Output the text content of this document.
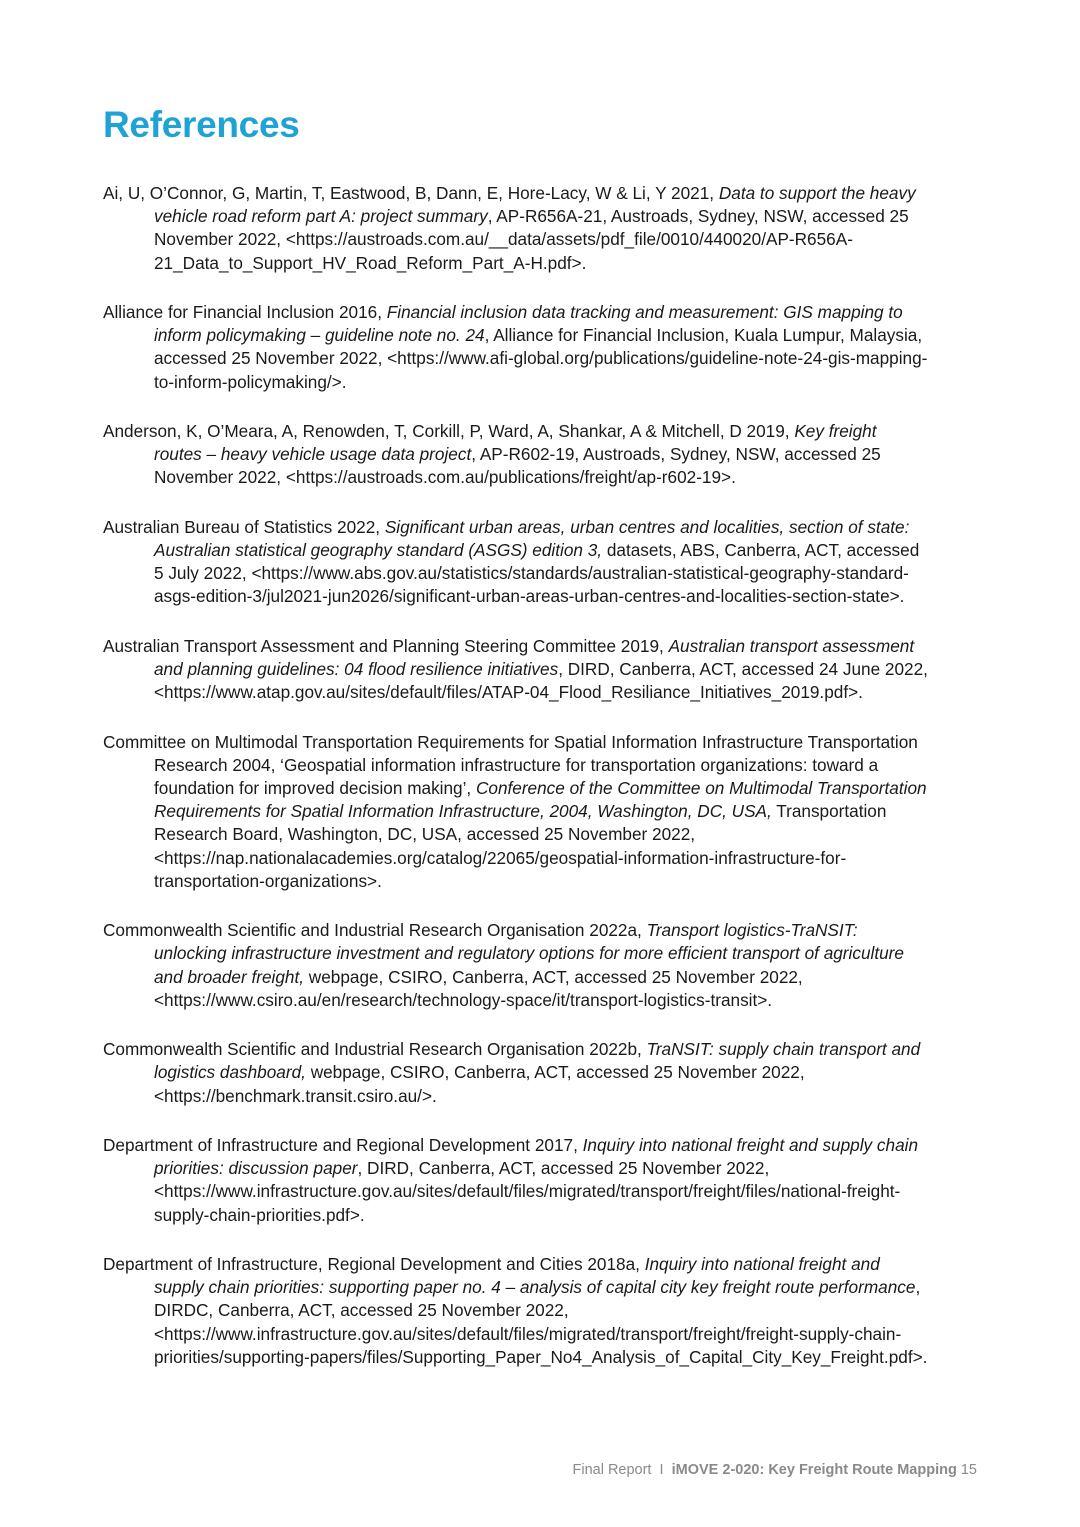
References
Ai, U, O’Connor, G, Martin, T, Eastwood, B, Dann, E, Hore-Lacy, W & Li, Y 2021, Data to support the heavy
vehicle road reform part A: project summary, AP-R656A-21, Austroads, Sydney, NSW, accessed 25
November 2022, <https://austroads.com.au/__data/assets/pdf_file/0010/440020/AP-R656A-
21_Data_to_Support_HV_Road_Reform_Part_A-H.pdf>.
Alliance for Financial Inclusion 2016, Financial inclusion data tracking and measurement: GIS mapping to
inform policymaking – guideline note no. 24, Alliance for Financial Inclusion, Kuala Lumpur, Malaysia,
accessed 25 November 2022, <https://www.afi-global.org/publications/guideline-note-24-gis-mapping-
to-inform-policymaking/>.
Anderson, K, O’Meara, A, Renowden, T, Corkill, P, Ward, A, Shankar, A & Mitchell, D 2019, Key freight
routes – heavy vehicle usage data project, AP-R602-19, Austroads, Sydney, NSW, accessed 25
November 2022, <https://austroads.com.au/publications/freight/ap-r602-19>.
Australian Bureau of Statistics 2022, Significant urban areas, urban centres and localities, section of state:
Australian statistical geography standard (ASGS) edition 3, datasets, ABS, Canberra, ACT, accessed
5 July 2022, <https://www.abs.gov.au/statistics/standards/australian-statistical-geography-standard-
asgs-edition-3/jul2021-jun2026/significant-urban-areas-urban-centres-and-localities-section-state>.
Australian Transport Assessment and Planning Steering Committee 2019, Australian transport assessment
and planning guidelines: 04 flood resilience initiatives, DIRD, Canberra, ACT, accessed 24 June 2022,
<https://www.atap.gov.au/sites/default/files/ATAP-04_Flood_Resiliance_Initiatives_2019.pdf>.
Committee on Multimodal Transportation Requirements for Spatial Information Infrastructure Transportation
Research 2004, ‘Geospatial information infrastructure for transportation organizations: toward a
foundation for improved decision making’, Conference of the Committee on Multimodal Transportation
Requirements for Spatial Information Infrastructure, 2004, Washington, DC, USA, Transportation
Research Board, Washington, DC, USA, accessed 25 November 2022,
<https://nap.nationalacademies.org/catalog/22065/geospatial-information-infrastructure-for-
transportation-organizations>.
Commonwealth Scientific and Industrial Research Organisation 2022a, Transport logistics-TraNSIT:
unlocking infrastructure investment and regulatory options for more efficient transport of agriculture
and broader freight, webpage, CSIRO, Canberra, ACT, accessed 25 November 2022,
<https://www.csiro.au/en/research/technology-space/it/transport-logistics-transit>.
Commonwealth Scientific and Industrial Research Organisation 2022b, TraNSIT: supply chain transport and
logistics dashboard, webpage, CSIRO, Canberra, ACT, accessed 25 November 2022,
<https://benchmark.transit.csiro.au/>.
Department of Infrastructure and Regional Development 2017, Inquiry into national freight and supply chain
priorities: discussion paper, DIRD, Canberra, ACT, accessed 25 November 2022,
<https://www.infrastructure.gov.au/sites/default/files/migrated/transport/freight/files/national-freight-
supply-chain-priorities.pdf>.
Department of Infrastructure, Regional Development and Cities 2018a, Inquiry into national freight and
supply chain priorities: supporting paper no. 4 – analysis of capital city key freight route performance,
DIRDC, Canberra, ACT, accessed 25 November 2022,
<https://www.infrastructure.gov.au/sites/default/files/migrated/transport/freight/freight-supply-chain-
priorities/supporting-papers/files/Supporting_Paper_No4_Analysis_of_Capital_City_Key_Freight.pdf>.
Final Report I iMOVE 2-020: Key Freight Route Mapping 15
